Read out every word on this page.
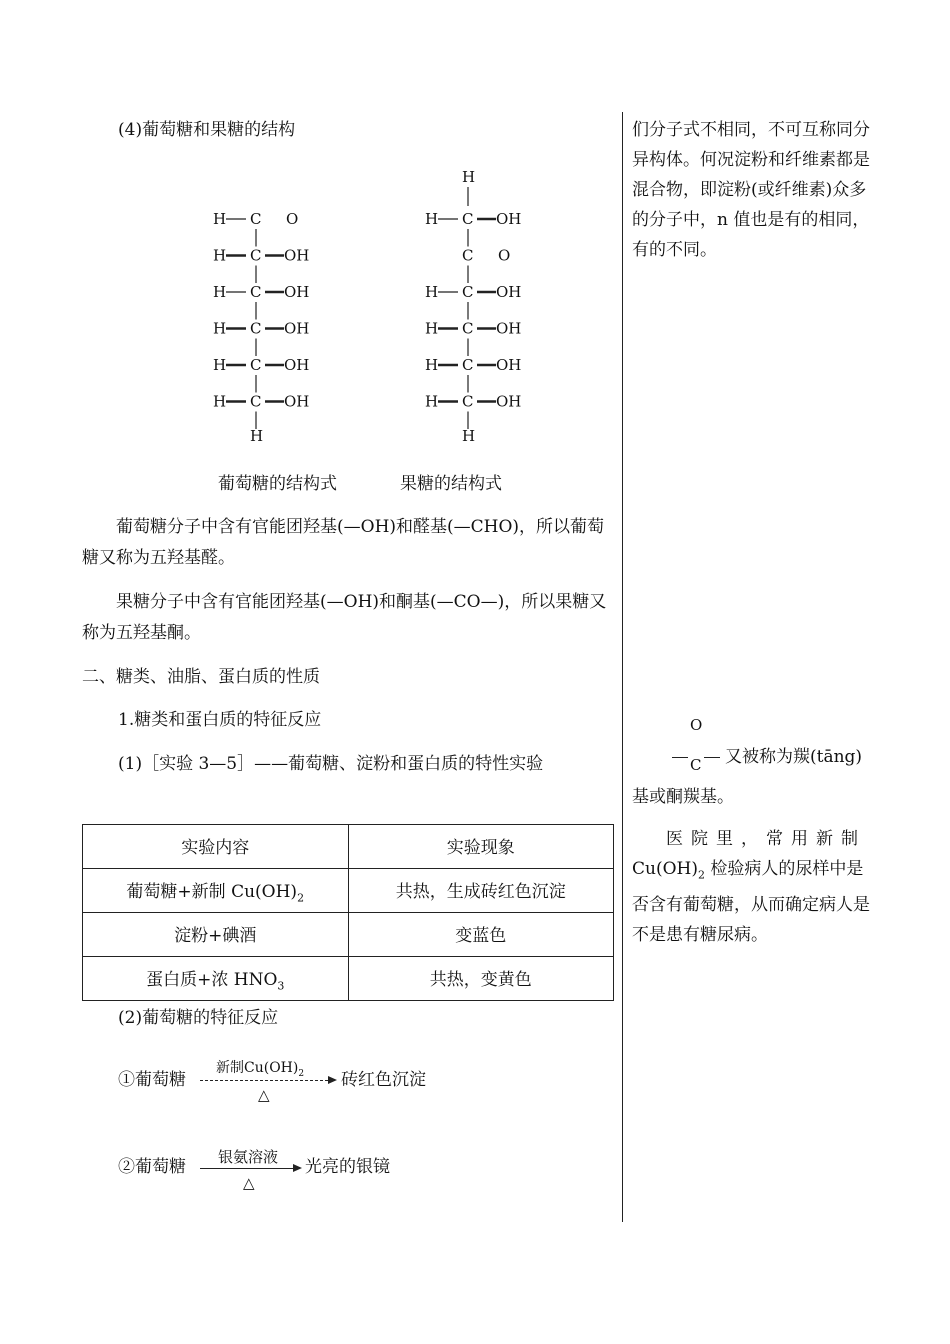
(4)葡萄糖和果糖的结构
C
H	O
C
H	OH
C
H	OH
C
H	OH
C
H	OH
C
H	OH
H
H
C
H	OH
C O
C
H	OH
C
H	OH
C
H	OH
C
H	OH
H
葡萄糖的结构式	果糖的结构式
葡萄糖分子中含有官能团羟基(—OH)和醛基(—CHO)，所以葡萄糖又称为五羟基醛。
果糖分子中含有官能团羟基(—OH)和酮基(—CO—)，所以果糖又称为五羟基酮。
二、糖类、油脂、蛋白质的性质
1.糖类和蛋白质的特征反应
(1)［实验 3—5］——葡萄糖、淀粉和蛋白质的特性实验
实验内容	实验现象
葡萄糖+新制 $Cu(OH)_2$	共热，生成砖红色沉淀
淀粉+碘酒	变蓝色
蛋白质+浓 $HNO_3$	共热，变黄色
(2)葡萄糖的特征反应
①葡萄糖
新制$Cu(OH)_2$
△
砖红色沉淀
②葡萄糖 银氨溶液
△
光亮的银镜
们分子式不相同，不可互称同分异构体。何况淀粉和纤维素都是混合物，即淀粉(或纤维素)众多的分子中，n 值也是有的相同，有的不同。
O
C 又被称为羰(tāng)
基或酮羰基。
医院里，常用新制
$Cu(OH)_2$ 检验病人的尿样中是否含有葡萄糖，从而确定病人是不是患有糖尿病。
